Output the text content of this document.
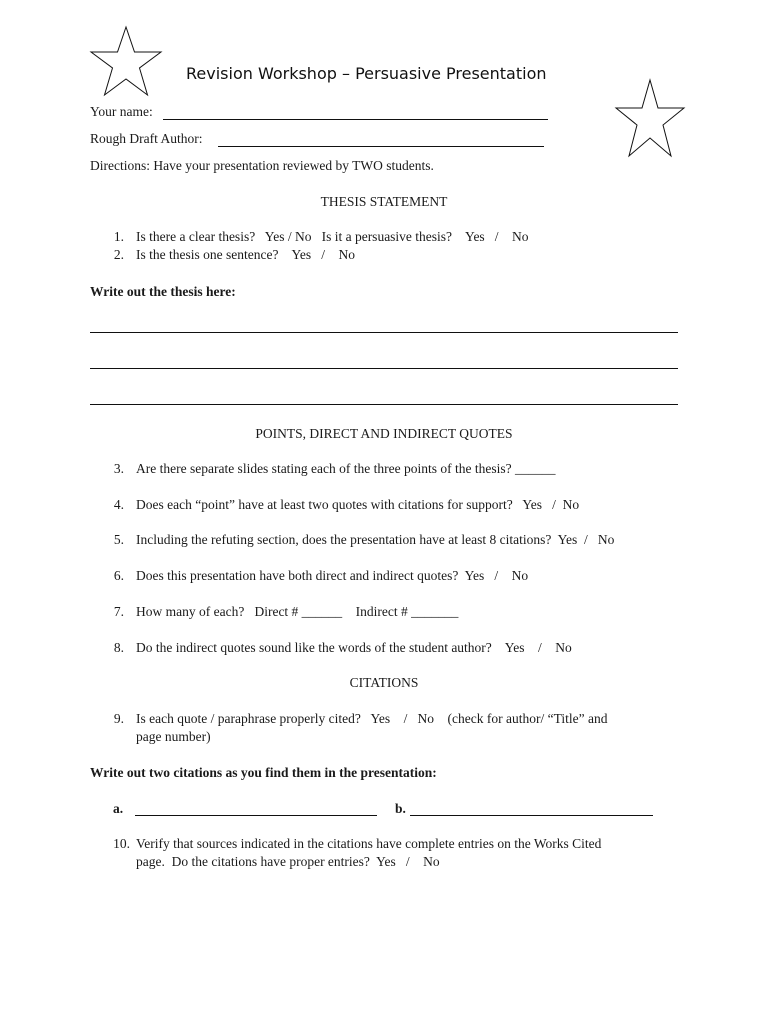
Revision Workshop – Persuasive Presentation
Your name:
Rough Draft Author:
Directions: Have your presentation reviewed by TWO students.
THESIS STATEMENT
1. Is there a clear thesis?   Yes / No   Is it a persuasive thesis?    Yes   /    No
2. Is the thesis one sentence?    Yes   /    No
Write out the thesis here:
POINTS, DIRECT AND INDIRECT QUOTES
3. Are there separate slides stating each of the three points of the thesis? ______
4. Does each “point” have at least two quotes with citations for support?   Yes   /  No
5. Including the refuting section, does the presentation have at least 8 citations?  Yes  /   No
6. Does this presentation have both direct and indirect quotes?  Yes   /    No
7. How many of each?   Direct # ______    Indirect # _______
8. Do the indirect quotes sound like the words of the student author?    Yes    /    No
CITATIONS
9. Is each quote / paraphrase properly cited?   Yes    /   No    (check for author/ “Title” and
page number)
Write out two citations as you find them in the presentation:
a.	b.
10. Verify that sources indicated in the citations have complete entries on the Works Cited
page.  Do the citations have proper entries?  Yes   /    No
